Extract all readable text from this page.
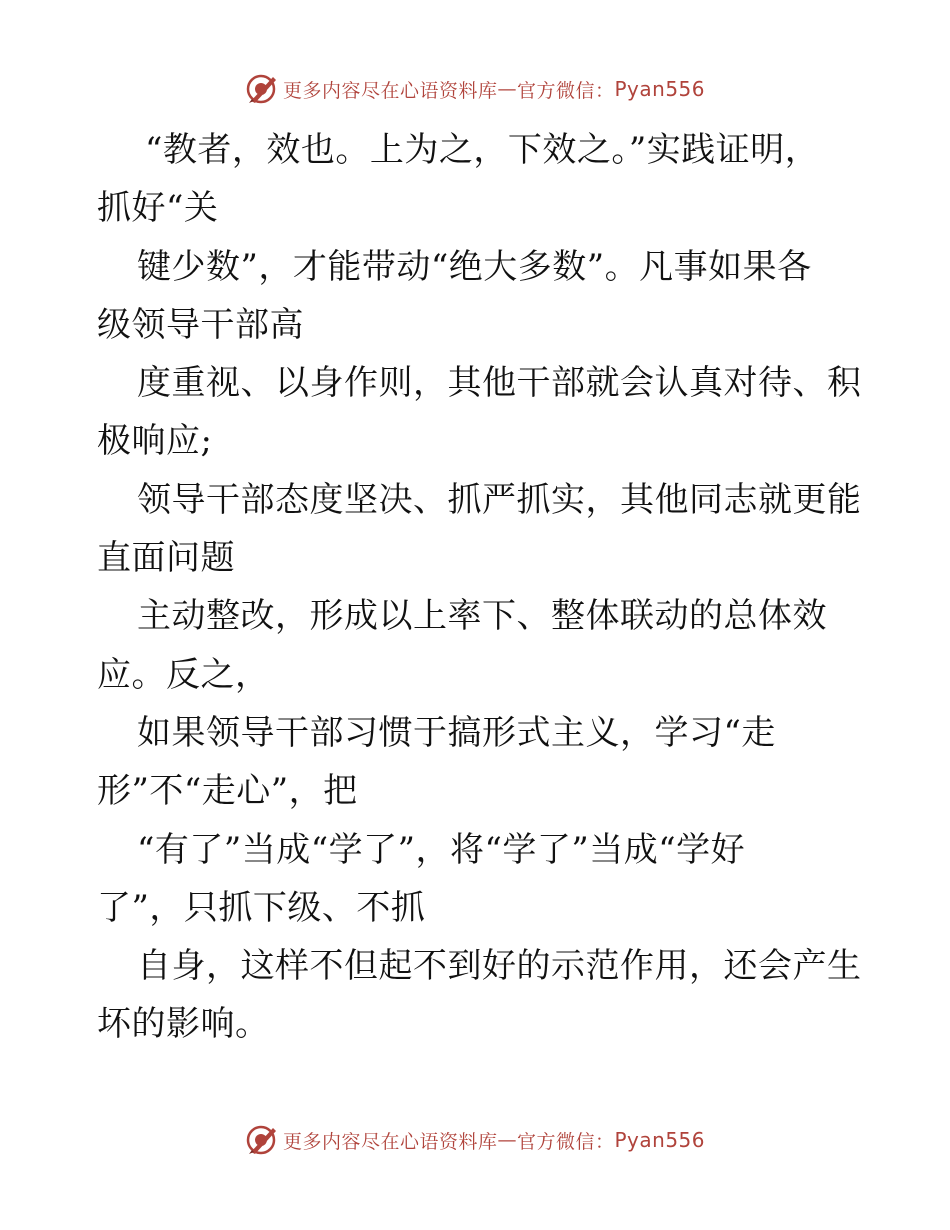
更多内容尽在心语资料库 — 官方微信： Pyan556
“教者，效也。上为之，下效之。”实践证明，
抓好“关
键少数”，才能带动“绝大多数”。凡事如果各
级领导干部高
度重视、以身作则，其他干部就会认真对待、积
极响应;
领导干部态度坚决、抓严抓实，其他同志就更能
直面问题
主动整改，形成以上率下、整体联动的总体效
应。反之，
如果领导干部习惯于搞形式主义，学习“走
形”不“走心”，把
“有了”当成“学了”，将“学了”当成“学好
了”，只抓下级、不抓
自身，这样不但起不到好的示范作用，还会产生
坏的影响。
更多内容尽在心语资料库 — 官方微信： Pyan556
